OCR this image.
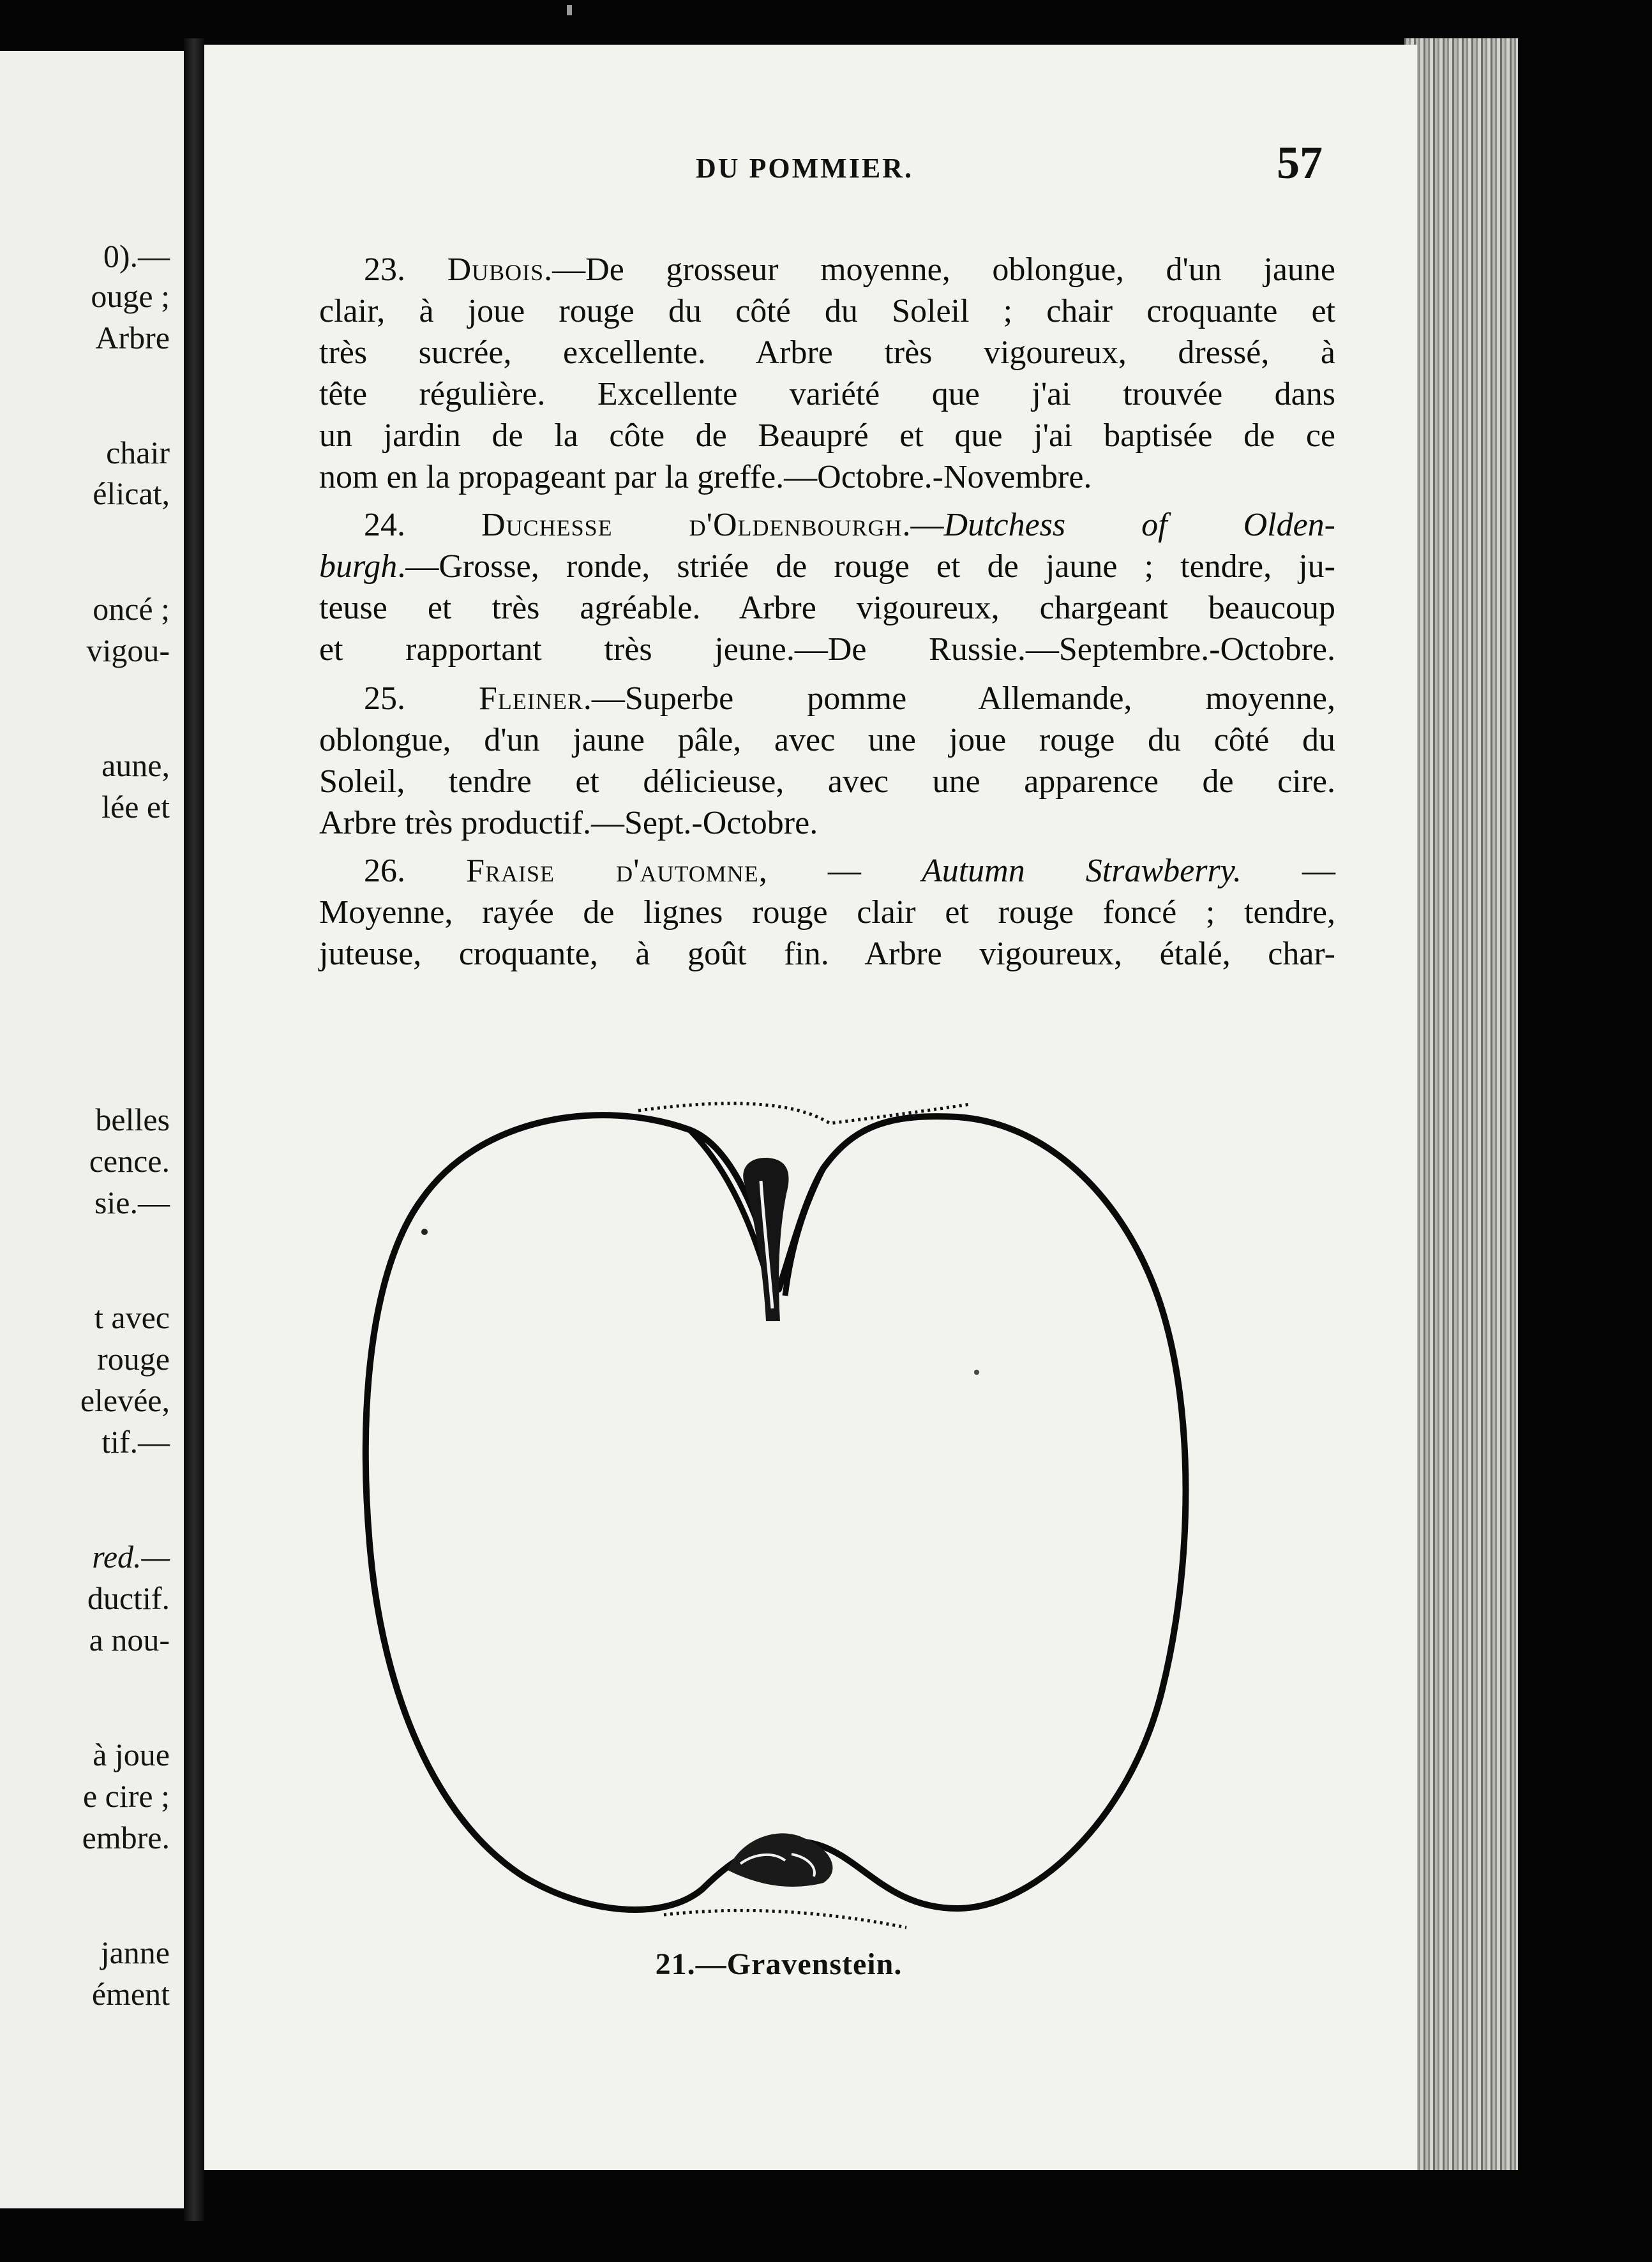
0).—
ouge ;
Arbre
chair
élicat,
oncé ;
vigou-
aune,
lée et
belles
cence.
sie.—
t avec
rouge
elevée,
tif.—
red.—
ductif.
a nou-
à joue
e cire ;
embre.
janne
ément
DU POMMIER.	57
23. Dubois.—De grosseur moyenne, oblongue, d'un jaune
clair, à joue rouge du côté du Soleil ; chair croquante et
très sucrée, excellente. Arbre très vigoureux, dressé, à
tête régulière. Excellente variété que j'ai trouvée dans
un jardin de la côte de Beaupré et que j'ai baptisée de ce
nom en la propageant par la greffe.—Octobre.-Novembre.
24. Duchesse d'Oldenbourgh.—Dutchess of Olden-
burgh.—Grosse, ronde, striée de rouge et de jaune ; tendre, ju-
teuse et très agréable. Arbre vigoureux, chargeant beaucoup
et rapportant très jeune.—De Russie.—Septembre.-Octobre.
25. Fleiner.—Superbe pomme Allemande, moyenne,
oblongue, d'un jaune pâle, avec une joue rouge du côté du
Soleil, tendre et délicieuse, avec une apparence de cire.
Arbre très productif.—Sept.-Octobre.
26. Fraise d'automne, — Autumn Strawberry. —
Moyenne, rayée de lignes rouge clair et rouge foncé ; tendre,
juteuse, croquante, à goût fin. Arbre vigoureux, étalé, char-
21.—Gravenstein.
